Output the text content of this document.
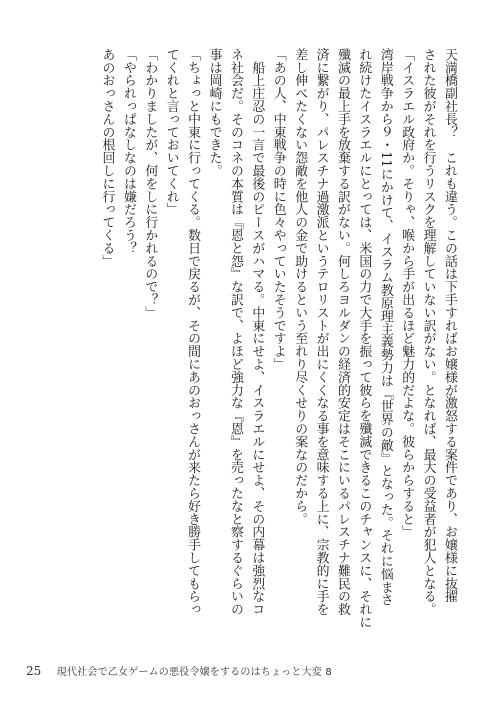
天満橋副社長？　これも違う。この話は下手すればお嬢様が激怒する案件であり、お嬢様に抜擢
された彼がそれを行うリスクを理解していない訳がない。となれば、最大の受益者が犯人となる。
「イスラエル政府か。そりゃ、喉から手が出るほど魅力的だよな。彼らからすると」
湾岸戦争から９・11にかけて、イスラム教原理主義勢力は『世界の敵』となった。それに悩まさ
れ続けたイスラエルにとっては、米国の力で大手を振って彼らを殲滅できるこのチャンスに、それに
殲滅の最上手を放棄する訳がない。何しろヨルダンの経済的安定はそこにいるパレスチナ難民の救
済に繋がり、パレスチナ過激派というテロリストが出にくくなる事を意味する上に、宗教的に手を
差し伸べたくない怨敵を他人の金で助けるという至れり尽くせりの案なのだから。
「あの人、中東戦争の時に色々やっていたそうですよ」
　船上庄忍の一言で最後のピースがハマる。中東にせよ、イスラエルにせよ、その内幕は強烈なコ
ネ社会だ。そのコネの本質は『恩と怨』な訳で、よほど強力な『恩』を売ったなと察するぐらいの
事は岡崎にもできた。
「ちょっと中東に行ってくる。数日で戻るが、その間にあのおっさんが来たら好き勝手してもらっ
てくれと言っておいてくれ」
「わかりましたが、何をしに行かれるので？」
「やられっぱなしなのは嫌だろう？
あのおっさんの根回しに行ってくる」
25 現代社会で乙女ゲームの悪役令嬢をするのはちょっと大変 8
